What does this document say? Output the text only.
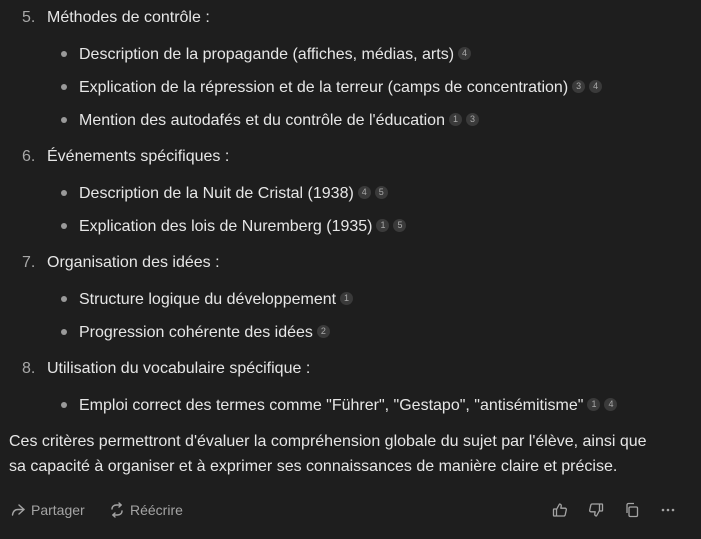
5. Méthodes de contrôle :
Description de la propagande (affiches, médias, arts) 4
Explication de la répression et de la terreur (camps de concentration) 3 4
Mention des autodafés et du contrôle de l'éducation 1 3
6. Événements spécifiques :
Description de la Nuit de Cristal (1938) 4 5
Explication des lois de Nuremberg (1935) 1 5
7. Organisation des idées :
Structure logique du développement 1
Progression cohérente des idées 2
8. Utilisation du vocabulaire spécifique :
Emploi correct des termes comme "Führer", "Gestapo", "antisémitisme" 1 4
Ces critères permettront d'évaluer la compréhension globale du sujet par l'élève, ainsi que
sa capacité à organiser et à exprimer ses connaissances de manière claire et précise.
Partager	Réécrire
